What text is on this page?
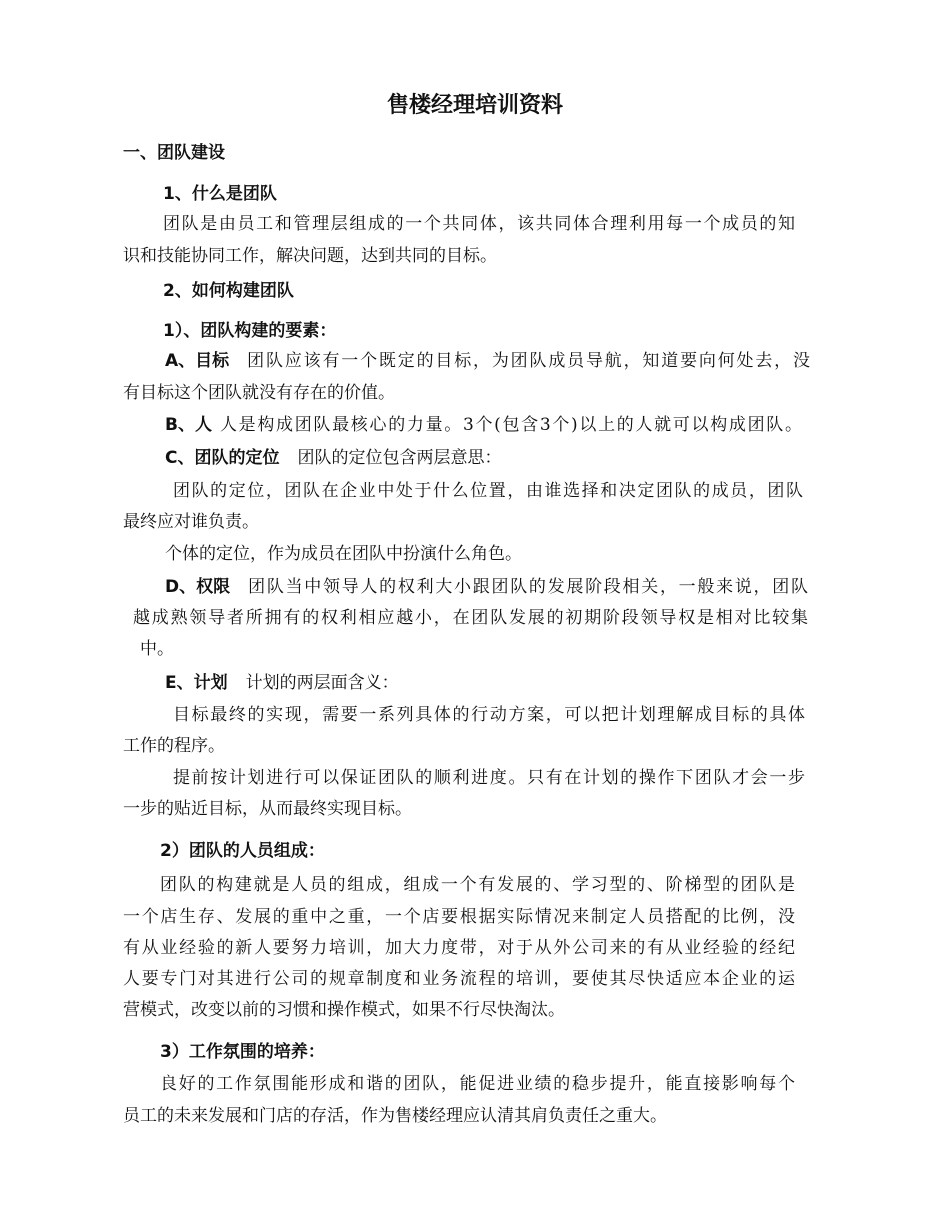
售楼经理培训资料
一、团队建设
1、什么是团队
团队是由员工和管理层组成的一个共同体，该共同体合理利用每一个成员的知
识和技能协同工作，解决问题，达到共同的目标。
2、如何构建团队
1）、团队构建的要素：
A、目标 团队应该有一个既定的目标，为团队成员导航，知道要向何处去，没
有目标这个团队就没有存在的价值。
B、人 人是构成团队最核心的力量。3个(包含3个)以上的人就可以构成团队。
C、团队的定位 团队的定位包含两层意思：
团队的定位，团队在企业中处于什么位置，由谁选择和决定团队的成员，团队
最终应对谁负责。
个体的定位，作为成员在团队中扮演什么角色。
D、权限 团队当中领导人的权利大小跟团队的发展阶段相关，一般来说，团队
越成熟领导者所拥有的权利相应越小，在团队发展的初期阶段领导权是相对比较集
中。
E、计划 计划的两层面含义：
目标最终的实现，需要一系列具体的行动方案，可以把计划理解成目标的具体
工作的程序。
提前按计划进行可以保证团队的顺利进度。只有在计划的操作下团队才会一步
一步的贴近目标，从而最终实现目标。
2）团队的人员组成：
团队的构建就是人员的组成，组成一个有发展的、学习型的、阶梯型的团队是
一个店生存、发展的重中之重，一个店要根据实际情况来制定人员搭配的比例，没
有从业经验的新人要努力培训，加大力度带，对于从外公司来的有从业经验的经纪
人要专门对其进行公司的规章制度和业务流程的培训，要使其尽快适应本企业的运
营模式，改变以前的习惯和操作模式，如果不行尽快淘汰。
3）工作氛围的培养：
良好的工作氛围能形成和谐的团队，能促进业绩的稳步提升，能直接影响每个
员工的未来发展和门店的存活，作为售楼经理应认清其肩负责任之重大。
